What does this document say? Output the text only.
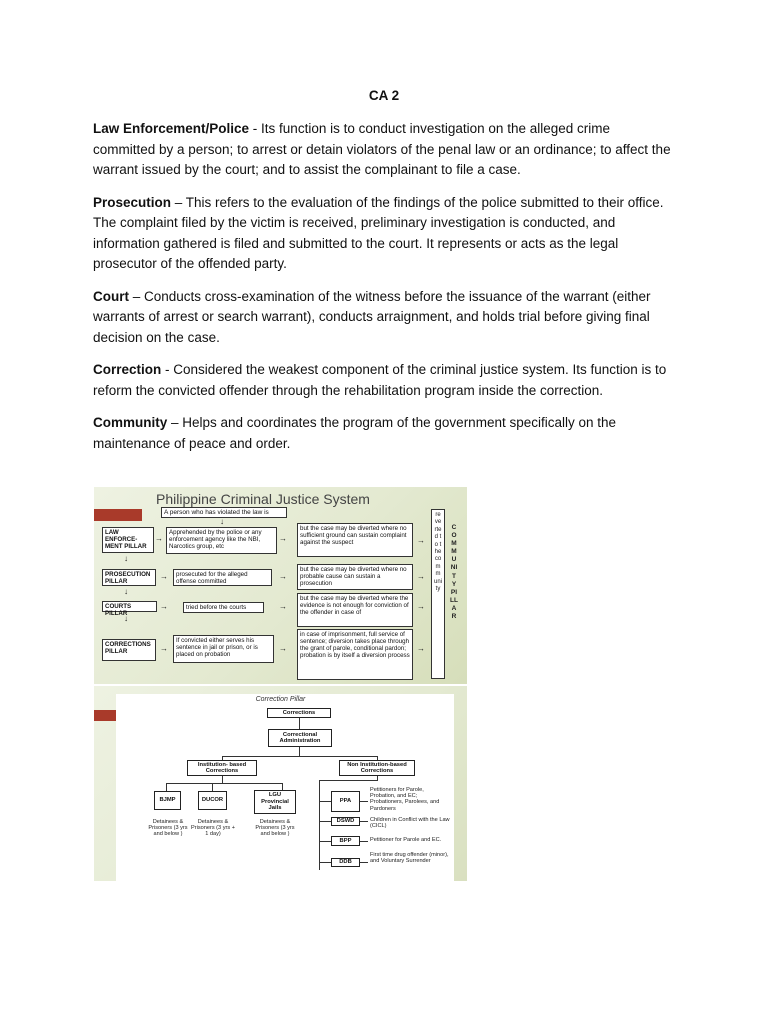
CA 2

Law Enforcement/Police - Its function is to conduct investigation on the alleged crime committed by a person; to arrest or detain violators of the penal law or an ordinance; to affect the warrant issued by the court; and to assist the complainant to file a case.

Prosecution – This refers to the evaluation of the findings of the police submitted to their office. The complaint filed by the victim is received, preliminary investigation is conducted, and information gathered is filed and submitted to the court. It represents or acts as the legal prosecutor of the offended party.

Court – Conducts cross-examination of the witness before the issuance of the warrant (either warrants of arrest or search warrant), conducts arraignment, and holds trial before giving final decision on the case.

Correction - Considered the weakest component of the criminal justice system. Its function is to reform the convicted offender through the rehabilitation program inside the correction.

Community – Helps and coordinates the program of the government specifically on the maintenance of peace and order.

Philippine Criminal Justice System
A person who has violated the law is
↓
LAW ENFORCE-MENT PILLAR
→
Apprehended by the police or any enforcement agency like the NBI, Narcotics group, etc
→
but the case may be diverted where no sufficient ground can sustain complaint against the suspect	→
↓
PROSECUTION PILLAR
→	prosecuted for the alleged offense committed
→
but the case may be diverted where no probable cause can sustain a prosecution
→
↓
COURTS PILLAR
→	tried before the courts	→
but the case may be diverted where the evidence is not enough for conviction of the offender in case of
→
↓
CORRECTIONS PILLAR	→
If convicted either serves his sentence in jail or prison, or is placed on probation
→
in case of imprisonment, full service of sentence; diversion takes place through the grant of parole, conditional pardon; probation is by itself a diversion process
→
reverted to the community
COMMUNITY PILLAR
Correction Pillar
Corrections
Correctional Administration
Institution- based Corrections
Non Institution-based Corrections
BJMP	DUCOR
LGU Provincial Jails
Detainees & Prisoners (3 yrs and below )
Detainees & Prisoners (3 yrs + 1 day)
Detainees & Prisoners (3 yrs and below )
PPA
DSWD
BPP
DDB
Petitioners for Parole, Probation, and EC; Probationers, Parolees, and Pardoners
Children in Conflict with the Law (CICL)
Petitioner for Parole and EC.
First time drug offender (minor), and Voluntary Surrender
